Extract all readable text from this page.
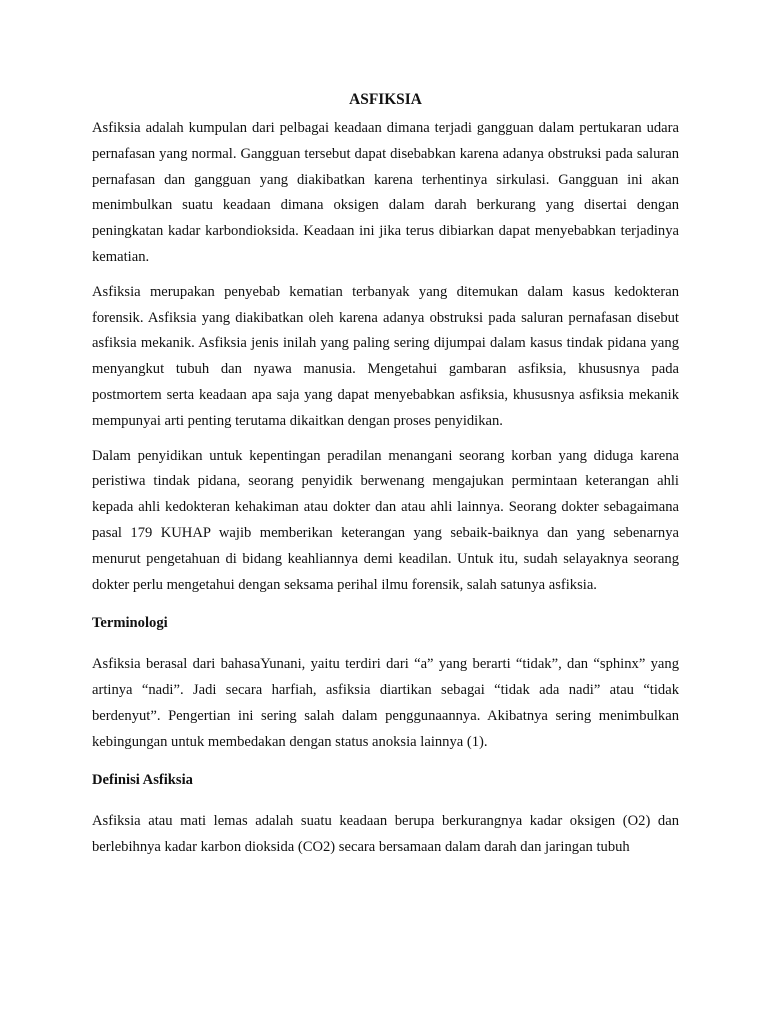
ASFIKSIA

Asfiksia adalah kumpulan dari pelbagai keadaan dimana terjadi gangguan dalam pertukaran udara pernafasan yang normal. Gangguan tersebut dapat disebabkan karena adanya obstruksi pada saluran pernafasan dan gangguan yang diakibatkan karena terhentinya sirkulasi. Gangguan ini akan menimbulkan suatu keadaan dimana oksigen dalam darah berkurang yang disertai dengan peningkatan kadar karbondioksida. Keadaan ini jika terus dibiarkan dapat menyebabkan terjadinya kematian.

Asfiksia merupakan penyebab kematian terbanyak yang ditemukan dalam kasus kedokteran forensik. Asfiksia yang diakibatkan oleh karena adanya obstruksi pada saluran pernafasan disebut asfiksia mekanik. Asfiksia jenis inilah yang paling sering dijumpai dalam kasus tindak pidana yang menyangkut tubuh dan nyawa manusia. Mengetahui gambaran asfiksia, khususnya pada postmortem serta keadaan apa saja yang dapat menyebabkan asfiksia, khususnya asfiksia mekanik mempunyai arti penting terutama dikaitkan dengan proses penyidikan.

Dalam penyidikan untuk kepentingan peradilan menangani seorang korban yang diduga karena peristiwa tindak pidana, seorang penyidik berwenang mengajukan permintaan keterangan ahli kepada ahli kedokteran kehakiman atau dokter dan atau ahli lainnya. Seorang dokter sebagaimana pasal 179 KUHAP wajib memberikan keterangan yang sebaik-baiknya dan yang sebenarnya menurut pengetahuan di bidang keahliannya demi keadilan. Untuk itu, sudah selayaknya seorang dokter perlu mengetahui dengan seksama perihal ilmu forensik, salah satunya asfiksia.

Terminologi

Asfiksia berasal dari bahasaYunani, yaitu terdiri dari “a” yang berarti “tidak”, dan “sphinx” yang artinya “nadi”. Jadi secara harfiah, asfiksia diartikan sebagai “tidak ada nadi” atau “tidak berdenyut”. Pengertian ini sering salah dalam penggunaannya. Akibatnya sering menimbulkan kebingungan untuk membedakan dengan status anoksia lainnya (1).

Definisi Asfiksia

Asfiksia atau mati lemas adalah suatu keadaan berupa berkurangnya kadar oksigen (O2) dan berlebihnya kadar karbon dioksida (CO2) secara bersamaan dalam darah dan jaringan tubuh
